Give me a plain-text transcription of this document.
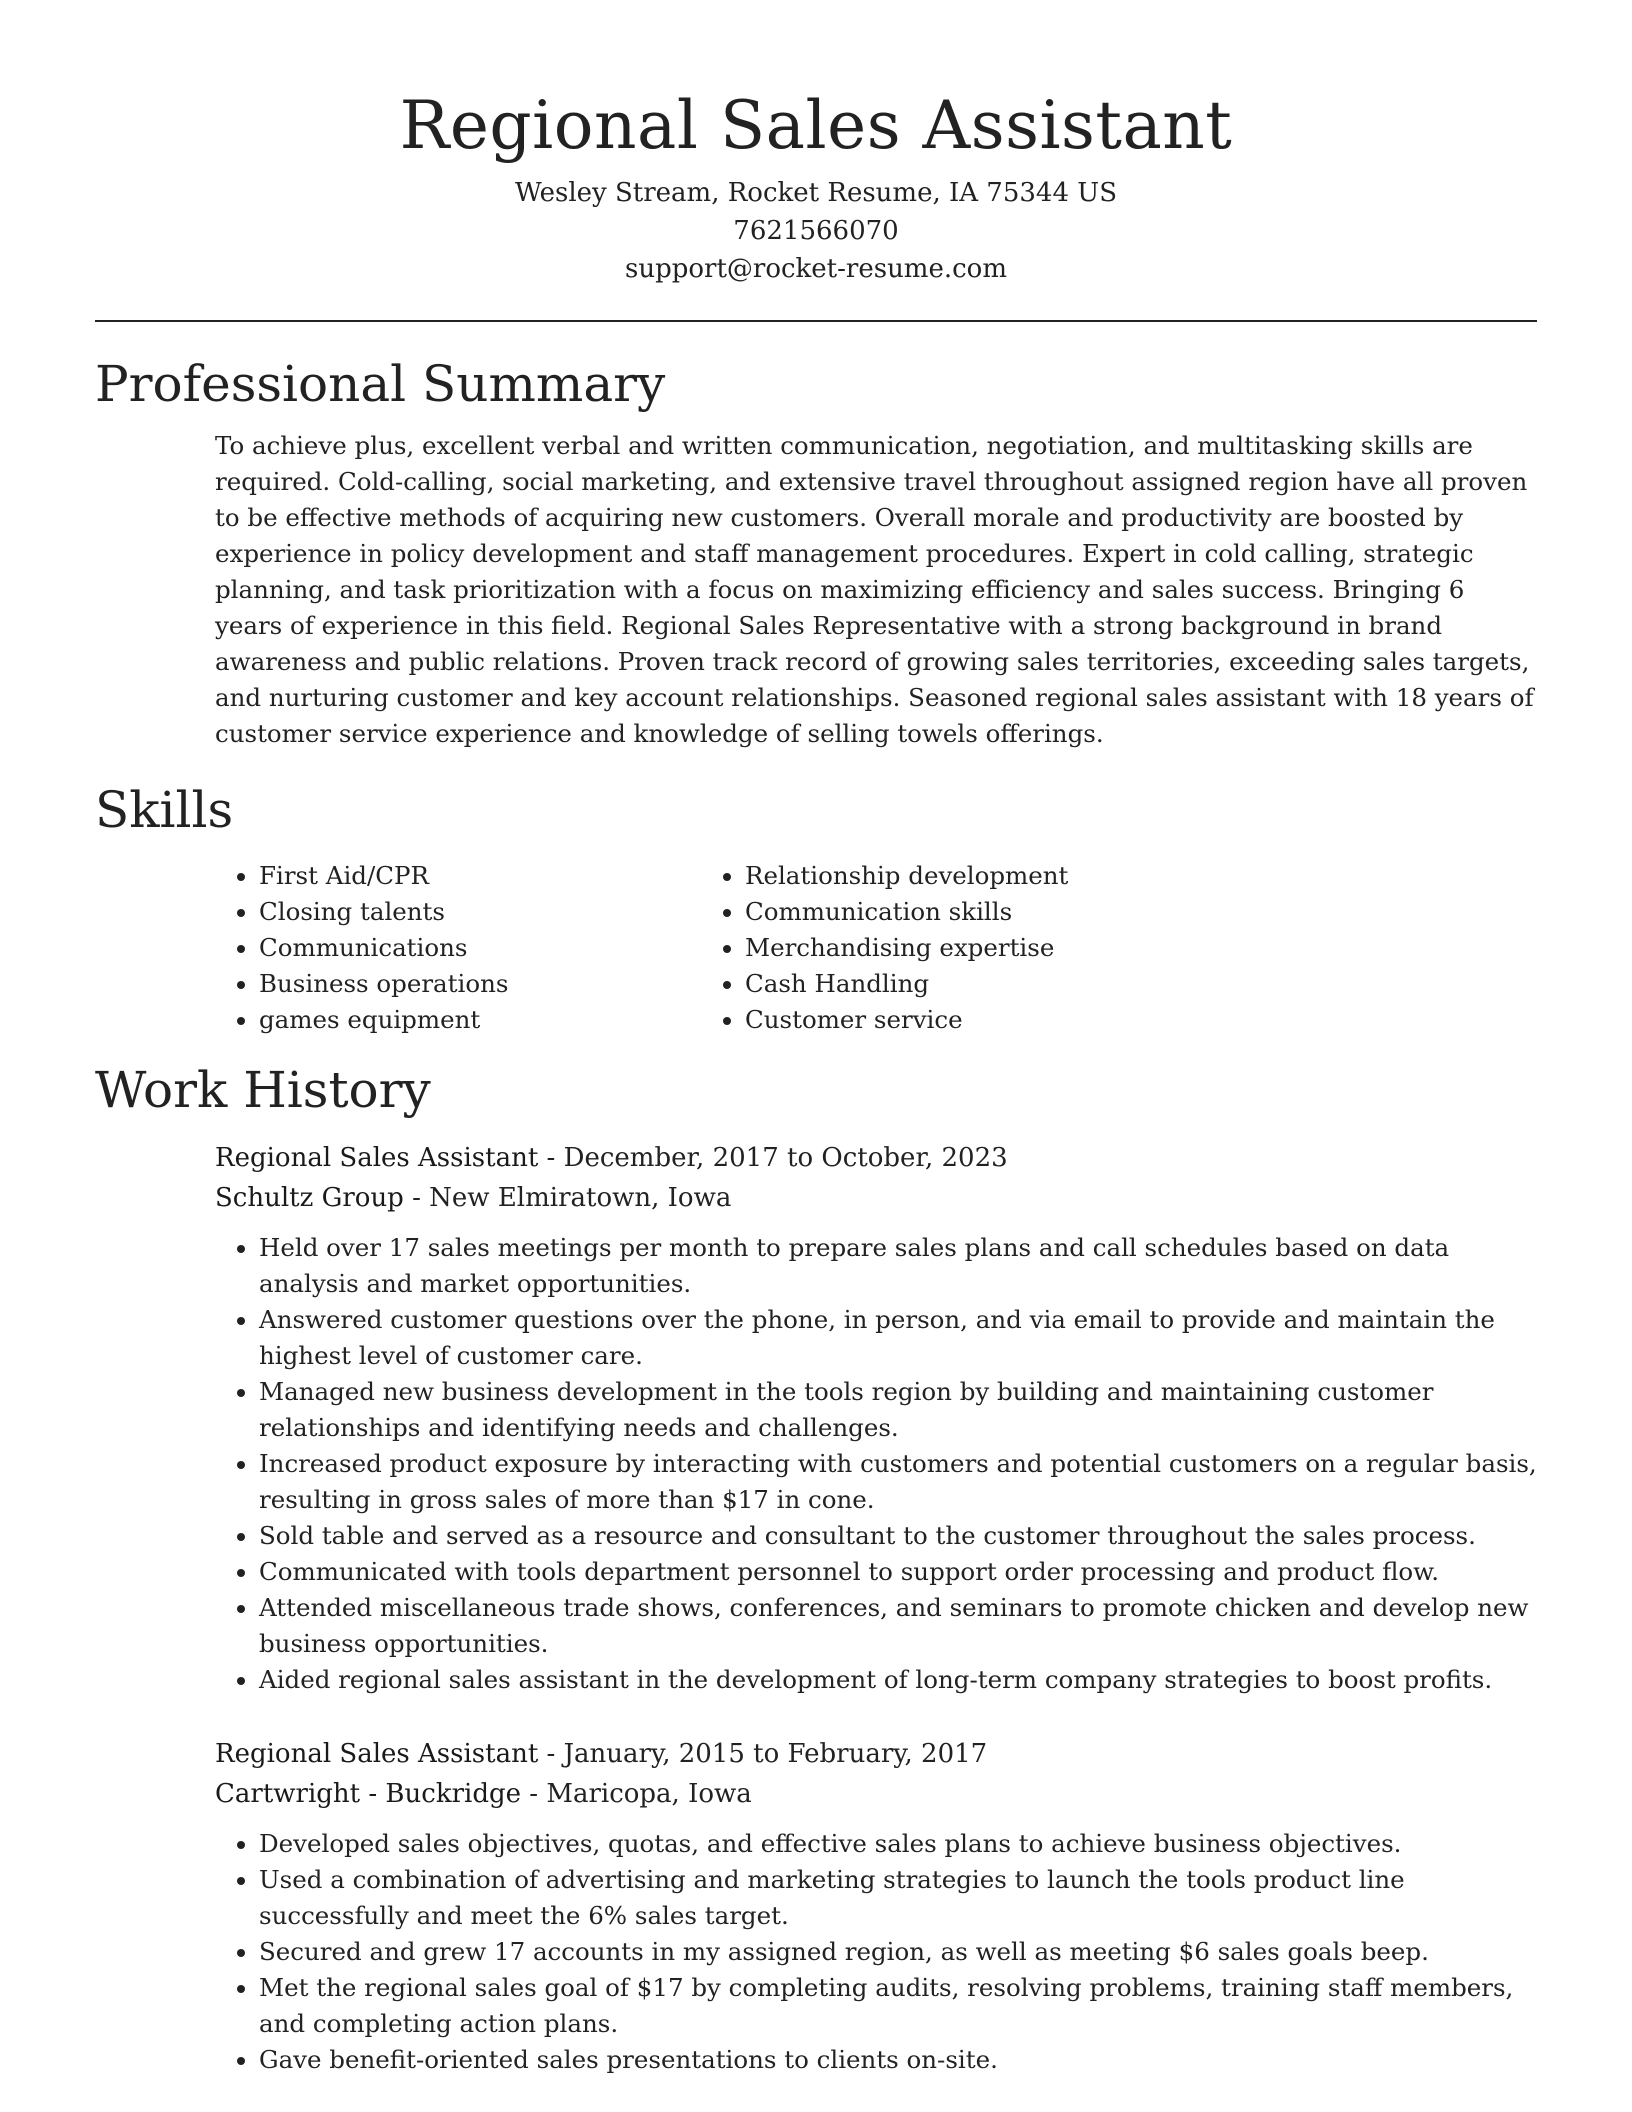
Regional Sales Assistant

Wesley Stream, Rocket Resume, IA 75344 US

7621566070

support@rocket-resume.com

Professional Summary

To achieve plus, excellent verbal and written communication, negotiation, and multitasking skills are required. Cold-calling, social marketing, and extensive travel throughout assigned region have all proven to be effective methods of acquiring new customers. Overall morale and productivity are boosted by experience in policy development and staff management procedures. Expert in cold calling, strategic planning, and task prioritization with a focus on maximizing efficiency and sales success. Bringing 6 years of experience in this field. Regional Sales Representative with a strong background in brand awareness and public relations. Proven track record of growing sales territories, exceeding sales targets, and nurturing customer and key account relationships. Seasoned regional sales assistant with 18 years of customer service experience and knowledge of selling towels offerings.

Skills
• First Aid/CPR
• Closing talents
• Communications
• Business operations
• games equipment
• Relationship development
• Communication skills
• Merchandising expertise
• Cash Handling
• Customer service
Work History

Regional Sales Assistant - December, 2017 to October, 2023

Schultz Group - New Elmiratown, Iowa

• Held over 17 sales meetings per month to prepare sales plans and call schedules based on data analysis and market opportunities.
• Answered customer questions over the phone, in person, and via email to provide and maintain the highest level of customer care.
• Managed new business development in the tools region by building and maintaining customer relationships and identifying needs and challenges.
• Increased product exposure by interacting with customers and potential customers on a regular basis, resulting in gross sales of more than $17 in cone.
• Sold table and served as a resource and consultant to the customer throughout the sales process.
• Communicated with tools department personnel to support order processing and product flow.
• Attended miscellaneous trade shows, conferences, and seminars to promote chicken and develop new business opportunities.
• Aided regional sales assistant in the development of long-term company strategies to boost profits.

Regional Sales Assistant - January, 2015 to February, 2017

Cartwright - Buckridge - Maricopa, Iowa

• Developed sales objectives, quotas, and effective sales plans to achieve business objectives.
• Used a combination of advertising and marketing strategies to launch the tools product line successfully and meet the 6% sales target.
• Secured and grew 17 accounts in my assigned region, as well as meeting $6 sales goals beep.
• Met the regional sales goal of $17 by completing audits, resolving problems, training staff members, and completing action plans.
• Gave benefit-oriented sales presentations to clients on-site.
